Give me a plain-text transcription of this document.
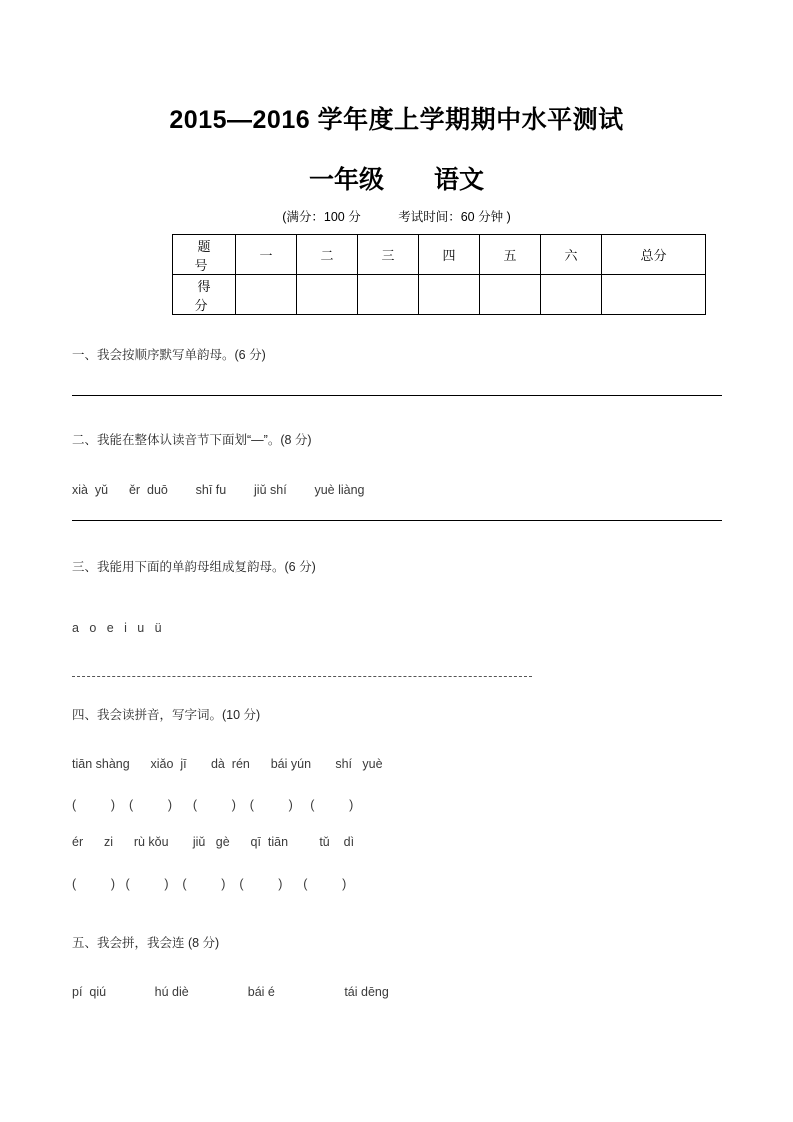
2015—2016 学年度上学期期中水平测试
一年级　　语文
(满分：100 分　　　考试时间：60 分钟 )
题　号	一	二	三	四	五	六	总分
得　分							
一、我会按顺序默写单韵母。(6 分)
二、我能在整体认读音节下面划“—”。(8 分)
xià  yǔ      ěr  duō        shī fu        jiǔ shí        yuè liàng
三、我能用下面的单韵母组成复韵母。(6 分)
a   o   e   i   u   ü
四、我会读拼音，写字词。(10 分)
tiān shàng      xiǎo  jī       dà  rén      bái yún       shí   yuè
(          )    (          )      (          )    (          )     (          )
ér      zi      rù kǒu       jiǔ   gè      qī  tiān         tǔ    dì
(          )   (          )    (          )    (          )      (          )
五、我会拼，我会连 (8 分)
pí  qiú              hú diè                 bái é                    tái dēng
